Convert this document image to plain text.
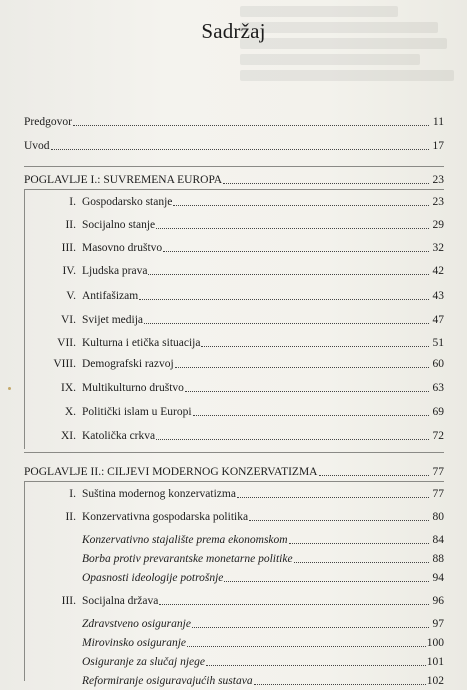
Sadržaj
Predgovor	11
Uvod	17
POGLAVLJE I.: SUVREMENA EUROPA	23
I. Gospodarsko stanje	23
II. Socijalno stanje	29
III. Masovno društvo	32
IV. Ljudska prava	42
V. Antifašizam	43
VI. Svijet medija	47
VII. Kulturna i etička situacija	51
VIII. Demografski razvoj	60
IX. Multikulturno društvo	63
X. Politički islam u Europi	69
XI. Katolička crkva	72
POGLAVLJE II.: CILJEVI MODERNOG KONZERVATIZMA	77
I. Suština modernog konzervatizma	77
II. Konzervativna gospodarska politika	80
Konzervativno stajalište prema ekonomskom	84
Borba protiv prevarantske monetarne politike	88
Opasnosti ideologije potrošnje	94
III. Socijalna država	96
Zdravstveno osiguranje	97
Mirovinsko osiguranje	100
Osiguranje za slučaj njege	101
Reformiranje osiguravajućih sustava	102
